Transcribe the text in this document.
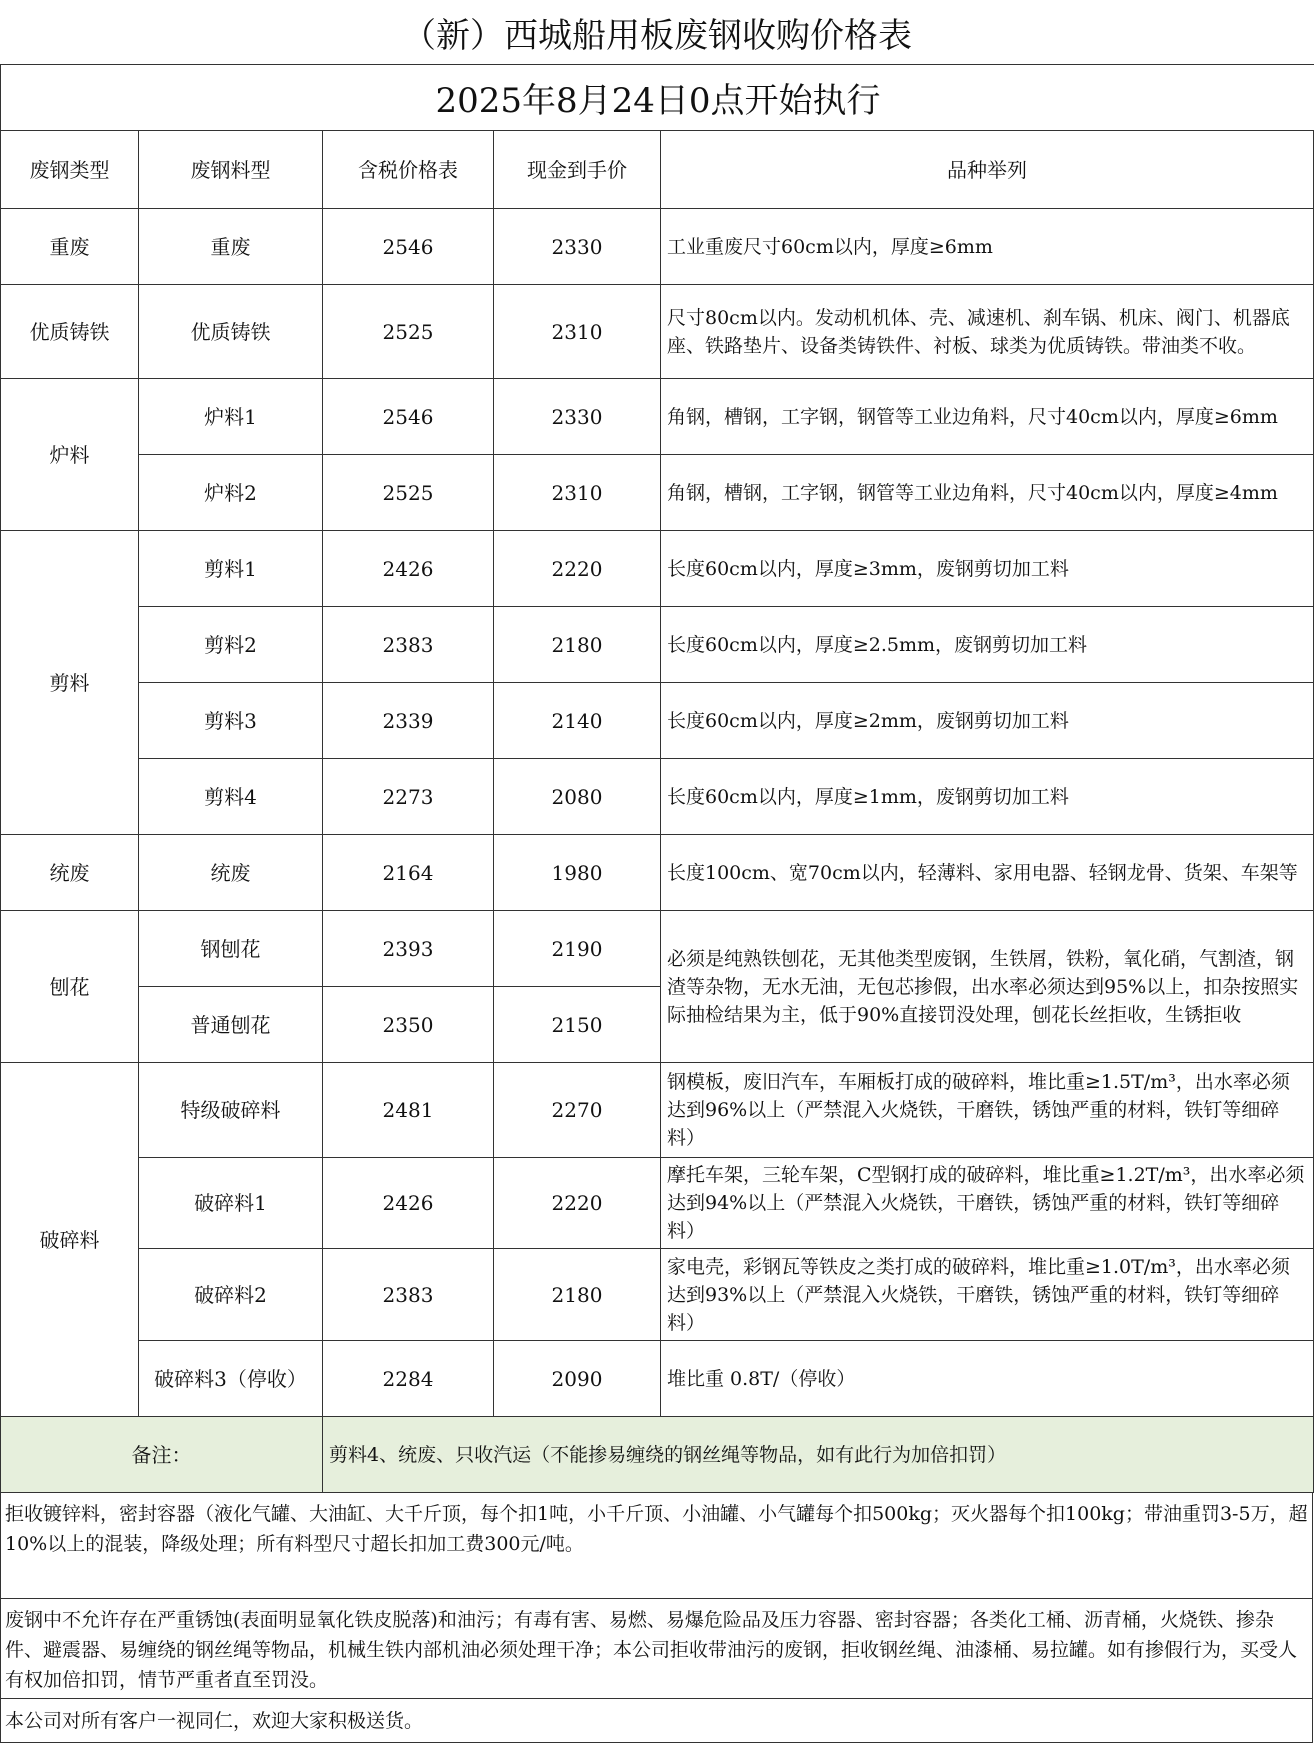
（新）西城船用板废钢收购价格表
2025年8月24日0点开始执行
废钢类型	废钢料型	含税价格表	现金到手价	品种举列
重废	重废	2546	2330	工业重废尺寸60cm以内，厚度≥6mm
优质铸铁	优质铸铁	2525	2310	尺寸80cm以内。发动机机体、壳、减速机、刹车锅、机床、阀门、机器底座、铁路垫片、设备类铸铁件、衬板、球类为优质铸铁。带油类不收。
炉料	炉料1	2546	2330	角钢，槽钢，工字钢，钢管等工业边角料，尺寸40cm以内，厚度≥6mm
	炉料2	2525	2310	角钢，槽钢，工字钢，钢管等工业边角料，尺寸40cm以内，厚度≥4mm
剪料	剪料1	2426	2220	长度60cm以内，厚度≥3mm，废钢剪切加工料
	剪料2	2383	2180	长度60cm以内，厚度≥2.5mm，废钢剪切加工料
	剪料3	2339	2140	长度60cm以内，厚度≥2mm，废钢剪切加工料
	剪料4	2273	2080	长度60cm以内，厚度≥1mm，废钢剪切加工料
统废	统废	2164	1980	长度100cm、宽70cm以内，轻薄料、家用电器、轻钢龙骨、货架、车架等
刨花	钢刨花	2393	2190	必须是纯熟铁刨花，无其他类型废钢，生铁屑，铁粉，氧化硝，气割渣，钢渣等杂物，无水无油，无包芯掺假，出水率必须达到95%以上，扣杂按照实际抽检结果为主，低于90%直接罚没处理，刨花长丝拒收，生锈拒收
	普通刨花	2350	2150	
破碎料	特级破碎料	2481	2270	钢模板，废旧汽车，车厢板打成的破碎料，堆比重≥1.5T/m³，出水率必须达到96%以上（严禁混入火烧铁，干磨铁，锈蚀严重的材料，铁钉等细碎料）
	破碎料1	2426	2220	摩托车架，三轮车架，C型钢打成的破碎料，堆比重≥1.2T/m³，出水率必须达到94%以上（严禁混入火烧铁，干磨铁，锈蚀严重的材料，铁钉等细碎料）
	破碎料2	2383	2180	家电壳，彩钢瓦等铁皮之类打成的破碎料，堆比重≥1.0T/m³，出水率必须达到93%以上（严禁混入火烧铁，干磨铁，锈蚀严重的材料，铁钉等细碎料）
	破碎料3（停收）	2284	2090	堆比重 0.8T/（停收）
备注：		剪料4、统废、只收汽运（不能掺易缠绕的钢丝绳等物品，如有此行为加倍扣罚）		
拒收镀锌料，密封容器（液化气罐、大油缸、大千斤顶，每个扣1吨，小千斤顶、小油罐、小气罐每个扣500kg；灭火器每个扣100kg；带油重罚3-5万，超10%以上的混装，降级处理；所有料型尺寸超长扣加工费300元/吨。
废钢中不允许存在严重锈蚀(表面明显氧化铁皮脱落)和油污；有毒有害、易燃、易爆危险品及压力容器、密封容器；各类化工桶、沥青桶，火烧铁、掺杂件、避震器、易缠绕的钢丝绳等物品，机械生铁内部机油必须处理干净；本公司拒收带油污的废钢，拒收钢丝绳、油漆桶、易拉罐。如有掺假行为，买受人有权加倍扣罚，情节严重者直至罚没。
本公司对所有客户一视同仁，欢迎大家积极送货。
